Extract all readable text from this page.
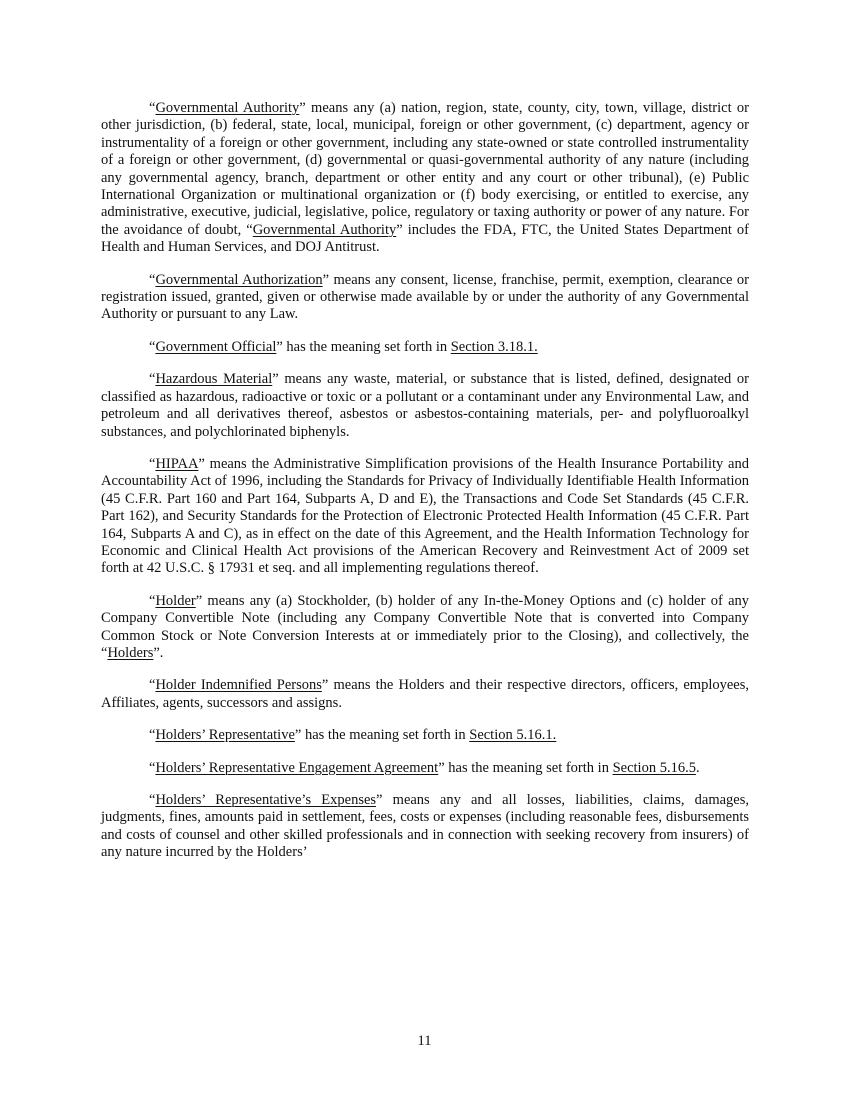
“Governmental Authority” means any (a) nation, region, state, county, city, town, village, district or other jurisdiction, (b) federal, state, local, municipal, foreign or other government, (c) department, agency or instrumentality of a foreign or other government, including any state-owned or state controlled instrumentality of a foreign or other government, (d) governmental or quasi-governmental authority of any nature (including any governmental agency, branch, department or other entity and any court or other tribunal), (e) Public International Organization or multinational organization or (f) body exercising, or entitled to exercise, any administrative, executive, judicial, legislative, police, regulatory or taxing authority or power of any nature. For the avoidance of doubt, “Governmental Authority” includes the FDA, FTC, the United States Department of Health and Human Services, and DOJ Antitrust.

“Governmental Authorization” means any consent, license, franchise, permit, exemption, clearance or registration issued, granted, given or otherwise made available by or under the authority of any Governmental Authority or pursuant to any Law.

“Government Official” has the meaning set forth in Section 3.18.1.

“Hazardous Material” means any waste, material, or substance that is listed, defined, designated or classified as hazardous, radioactive or toxic or a pollutant or a contaminant under any Environmental Law, and petroleum and all derivatives thereof, asbestos or asbestos-containing materials, per- and polyfluoroalkyl substances, and polychlorinated biphenyls.

“HIPAA” means the Administrative Simplification provisions of the Health Insurance Portability and Accountability Act of 1996, including the Standards for Privacy of Individually Identifiable Health Information (45 C.F.R. Part 160 and Part 164, Subparts A, D and E), the Transactions and Code Set Standards (45 C.F.R. Part 162), and Security Standards for the Protection of Electronic Protected Health Information (45 C.F.R. Part 164, Subparts A and C), as in effect on the date of this Agreement, and the Health Information Technology for Economic and Clinical Health Act provisions of the American Recovery and Reinvestment Act of 2009 set forth at 42 U.S.C. § 17931 et seq. and all implementing regulations thereof.

“Holder” means any (a) Stockholder, (b) holder of any In-the-Money Options and (c) holder of any Company Convertible Note (including any Company Convertible Note that is converted into Company Common Stock or Note Conversion Interests at or immediately prior to the Closing), and collectively, the “Holders”.

“Holder Indemnified Persons” means the Holders and their respective directors, officers, employees, Affiliates, agents, successors and assigns.

“Holders’ Representative” has the meaning set forth in Section 5.16.1.

“Holders’ Representative Engagement Agreement” has the meaning set forth in Section 5.16.5.

“Holders’ Representative’s Expenses” means any and all losses, liabilities, claims, damages, judgments, fines, amounts paid in settlement, fees, costs or expenses (including reasonable fees, disbursements and costs of counsel and other skilled professionals and in connection with seeking recovery from insurers) of any nature incurred by the Holders’

11
